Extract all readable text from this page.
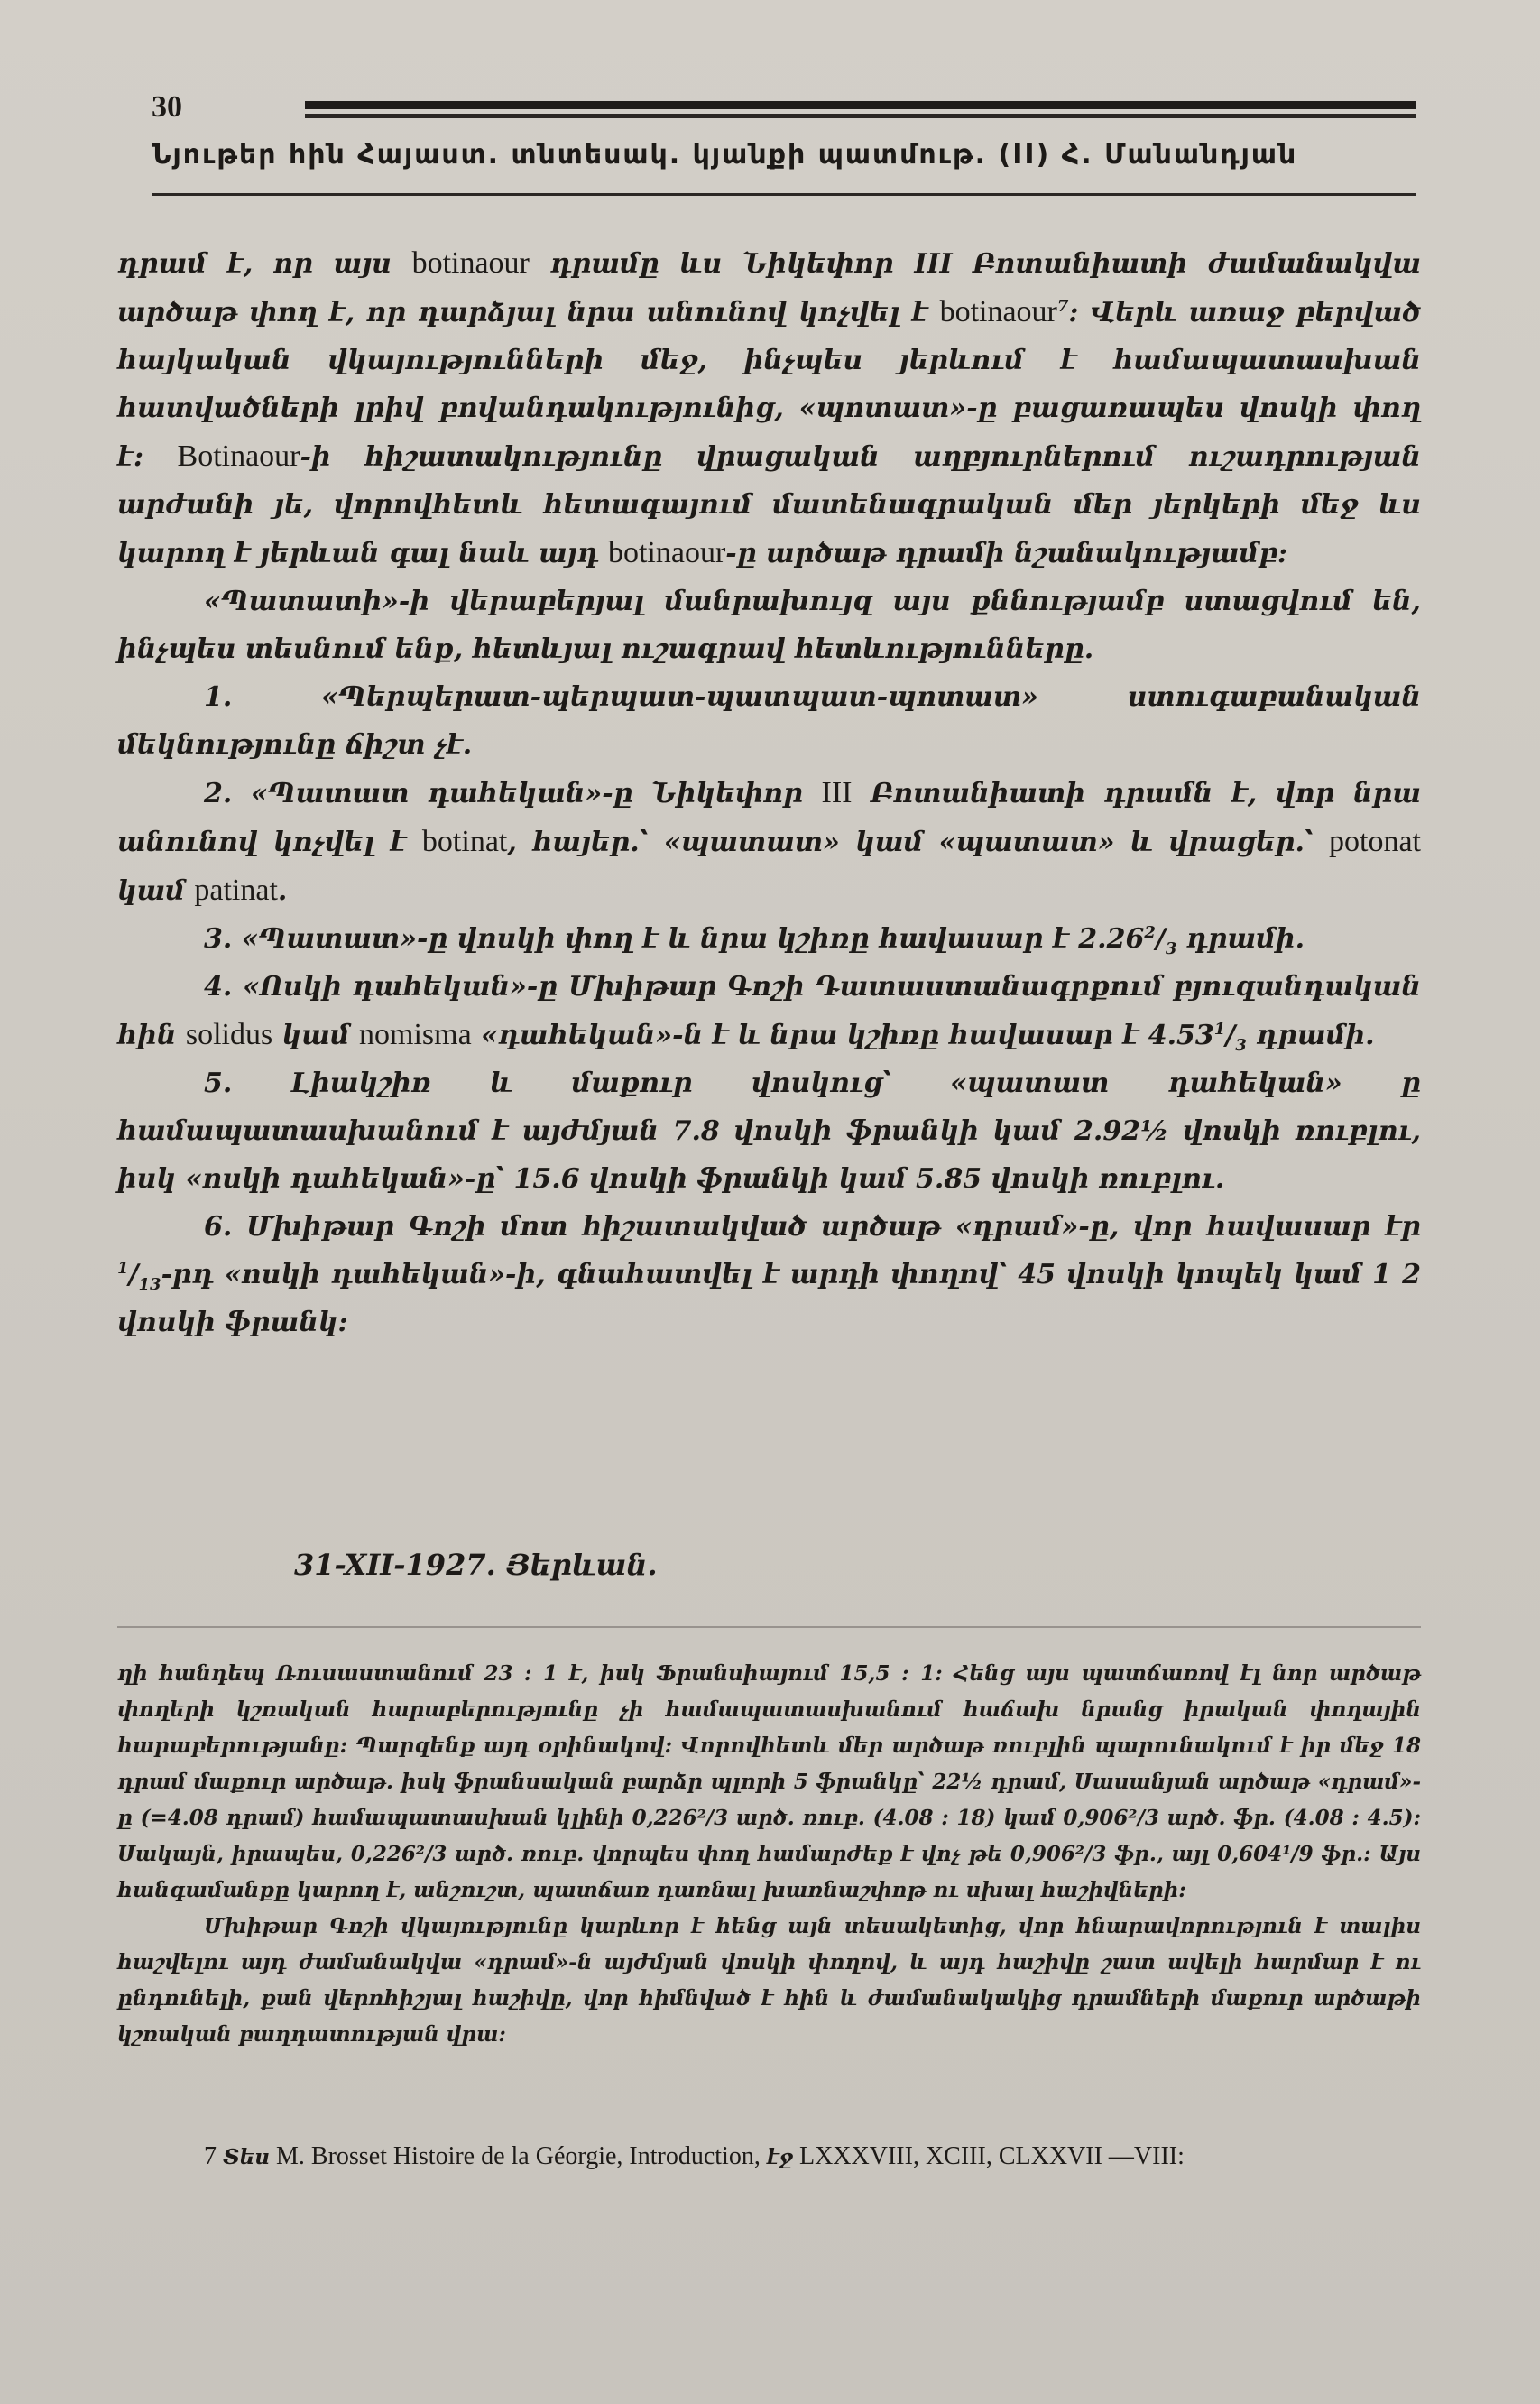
30
Նյութեր հին Հայաստ. տնտեսակ. կյանքի պատմութ. (II) Հ. Մանանդյան

դրամ է, որ այս botinaour դրամը ևս Նիկեփոր III Բոտանիատի ժամանակվա արծաթ փող է, որ դարձյալ նրա անունով կոչվել է botinaour$^7$: Վերև առաջ բերված հայկական վկայությունների մեջ, ինչպես յերևում է համապատասխան հատվածների լրիվ բովանդակությունից, «պոտատ»-ը բացառապես վոսկի փող է: Botinaour-ի հիշատակությունը վրացական աղբյուրներում ուշադրության արժանի յե, վորովհետև հետագայում մատենագրական մեր յերկերի մեջ ևս կարող է յերևան գալ նաև այդ botinaour-ը արծաթ դրամի նշանակությամբ:

«Պատատի»-ի վերաբերյալ մանրախույզ այս քննությամբ ստացվում են, ինչպես տեսնում ենք, հետևյալ ուշագրավ հետևությունները.

1. «Պերպերատ-պերպատ-պատպատ-պոտատ» ստուգաբանական մեկնությունը ճիշտ չէ.

2. «Պատատ դահեկան»-ը Նիկեփոր III Բոտանիատի դրամն է, վոր նրա անունով կոչվել է botinat, հայեր.՝ «պատատ» կամ «պատատ» և վրացեր.՝ potonat կամ patinat.

3. «Պատատ»-ը վոսկի փող է և նրա կշիռը հավասար է $2.26^2/_3$ դրամի.

4. «Ոսկի դահեկան»-ը Մխիթար Գոշի Դատաստանագրքում բյուզանդական հին solidus կամ nomisma «դահեկան»-ն է և նրա կշիռը հավասար է $4.53^1/_3$ դրամի.

5. Լիակշիռ և մաքուր վոսկուց՝ «պատատ դահեկան» ը համապատասխանում է այժմյան 7.8 վոսկի ֆրանկի կամ 2.92½ վոսկի ռուբլու, իսկ «ոսկի դահեկան»-ը՝ 15.6 վոսկի ֆրանկի կամ 5.85 վոսկի ռուբլու.

6. Մխիթար Գոշի մոտ հիշատակված արծաթ «դրամ»-ը, վոր հավասար էր $^1/_{13}-րդ$ «ոսկի դահեկան»-ի, գնահատվել է արդի փողով՝ 45 վոսկի կոպեկ կամ 1 2 վոսկի ֆրանկ:

31-XII-1927. Յերևան.

ղի հանդեպ Ռուսաստանում 23 : 1 է, իսկ Ֆրանսիայում 15,5 : 1: Հենց այս պատճառով էլ նոր արծաթ փողերի կշռական հարաբերությունը չի համապատասխանում հաճախ նրանց իրական փողային հարաբերությանը: Պարզենք այդ օրինակով: Վորովհետև մեր արծաթ ռուբլին պարունակում է իր մեջ 18 դրամ մաքուր արծաթ. իսկ ֆրանսական բարձր պլորի 5 ֆրանկը՝ 22½ դրամ, Սասանյան արծաթ «դրամ»-ը (=4.08 դրամ) համապատասխան կլինի 0,226²/3 արծ. ռուբ. (4.08 : 18) կամ 0,906²/3 արծ. ֆր. (4.08 : 4.5): Սակայն, իրապես, 0,226²/3 արծ. ռուբ. վորպես փող համարժեք է վոչ թե 0,906²/3 ֆր., այլ 0,604¹/9 ֆր.: Այս հանգամանքը կարող է, անշուշտ, պատճառ դառնալ խառնաշփոթ ու սխալ հաշիվների:

Մխիթար Գոշի վկայությունը կարևոր է հենց այն տեսակետից, վոր հնարավորություն է տալիս հաշվելու այդ ժամանակվա «դրամ»-ն այժմյան վոսկի փողով, և այդ հաշիվը շատ ավելի հարմար է ու ընդունելի, քան վերոհիշյալ հաշիվը, վոր հիմնված է հին և ժամանակակից դրամների մաքուր արծաթի կշռական բաղդատության վրա:

7 Տես M. Brosset Histoire de la Géorgie, Introduction, էջ LXXXVIII, XCIII, CLXXVII —VIII:
